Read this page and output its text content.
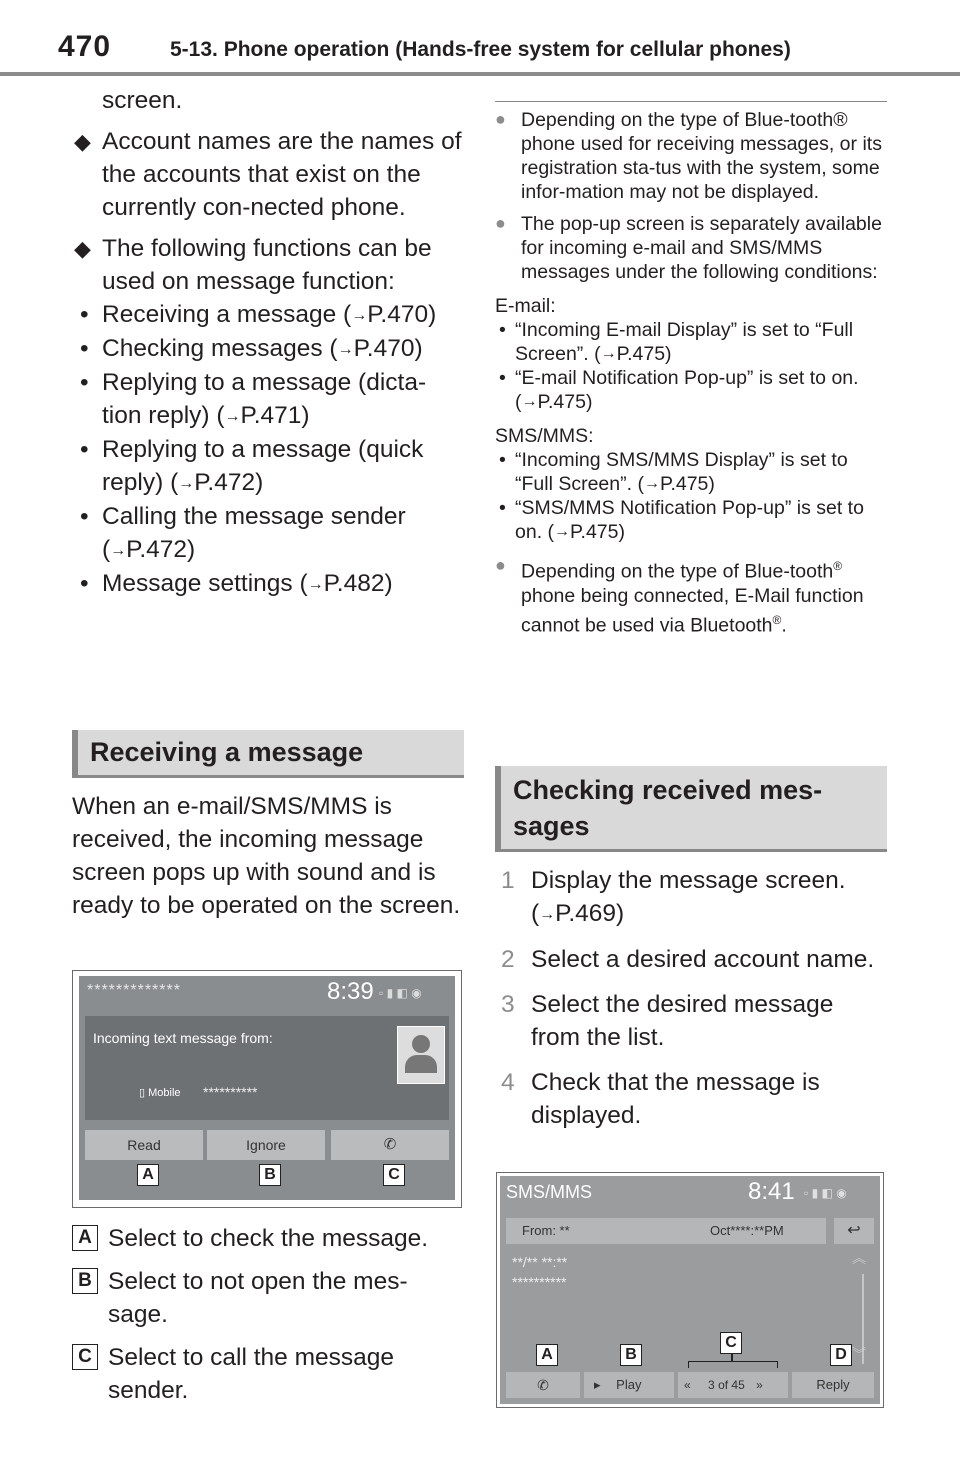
470	5-13. Phone operation (Hands-free system for cellular phones)
screen.
◆ Account names are the names of the accounts that exist on the currently con-nected phone.
◆ The following functions can be used on message function:
• Receiving a message (→P.470)
• Checking messages (→P.470)
• Replying to a message (dicta-tion reply) (→P.471)
• Replying to a message (quick reply) (→P.472)
• Calling the message sender (→P.472)
• Message settings (→P.482)
Receiving a message
When an e-mail/SMS/MMS is received, the incoming message screen pops up with sound and is ready to be operated on the screen.
*************	8:39 ▫ ▮ ◧ ◉
Incoming text message from:
▯ Mobile **********
Read	Ignore	✆
A	B	C
A Select to check the message.
B Select to not open the mes-sage.
C Select to call the message sender.
● Depending on the type of Blue-tooth® phone used for receiving messages, or its registration sta-tus with the system, some infor-mation may not be displayed.
● The pop-up screen is separately available for incoming e-mail and SMS/MMS messages under the following conditions:
E-mail:
• “Incoming E-mail Display” is set to “Full Screen”. (→P.475)
• “E-mail Notification Pop-up” is set to on. (→P.475)
SMS/MMS:
• “Incoming SMS/MMS Display” is set to “Full Screen”. (→P.475)
• “SMS/MMS Notification Pop-up” is set to on. (→P.475)
● Depending on the type of Blue-tooth® phone being connected, E-Mail function cannot be used via Bluetooth®.
Checking received mes-sages
1 Display the message screen. (→P.469)
2 Select a desired account name.
3 Select the desired message from the list.
4 Check that the message is displayed.
SMS/MMS	8:41 ▫ ▮ ◧ ◉
From: **	Oct****:**PM	↩
**/** **:**
**********
︽
︾
A	B
C
D
✆	▸ Play	« 3 of 45 »	Reply
